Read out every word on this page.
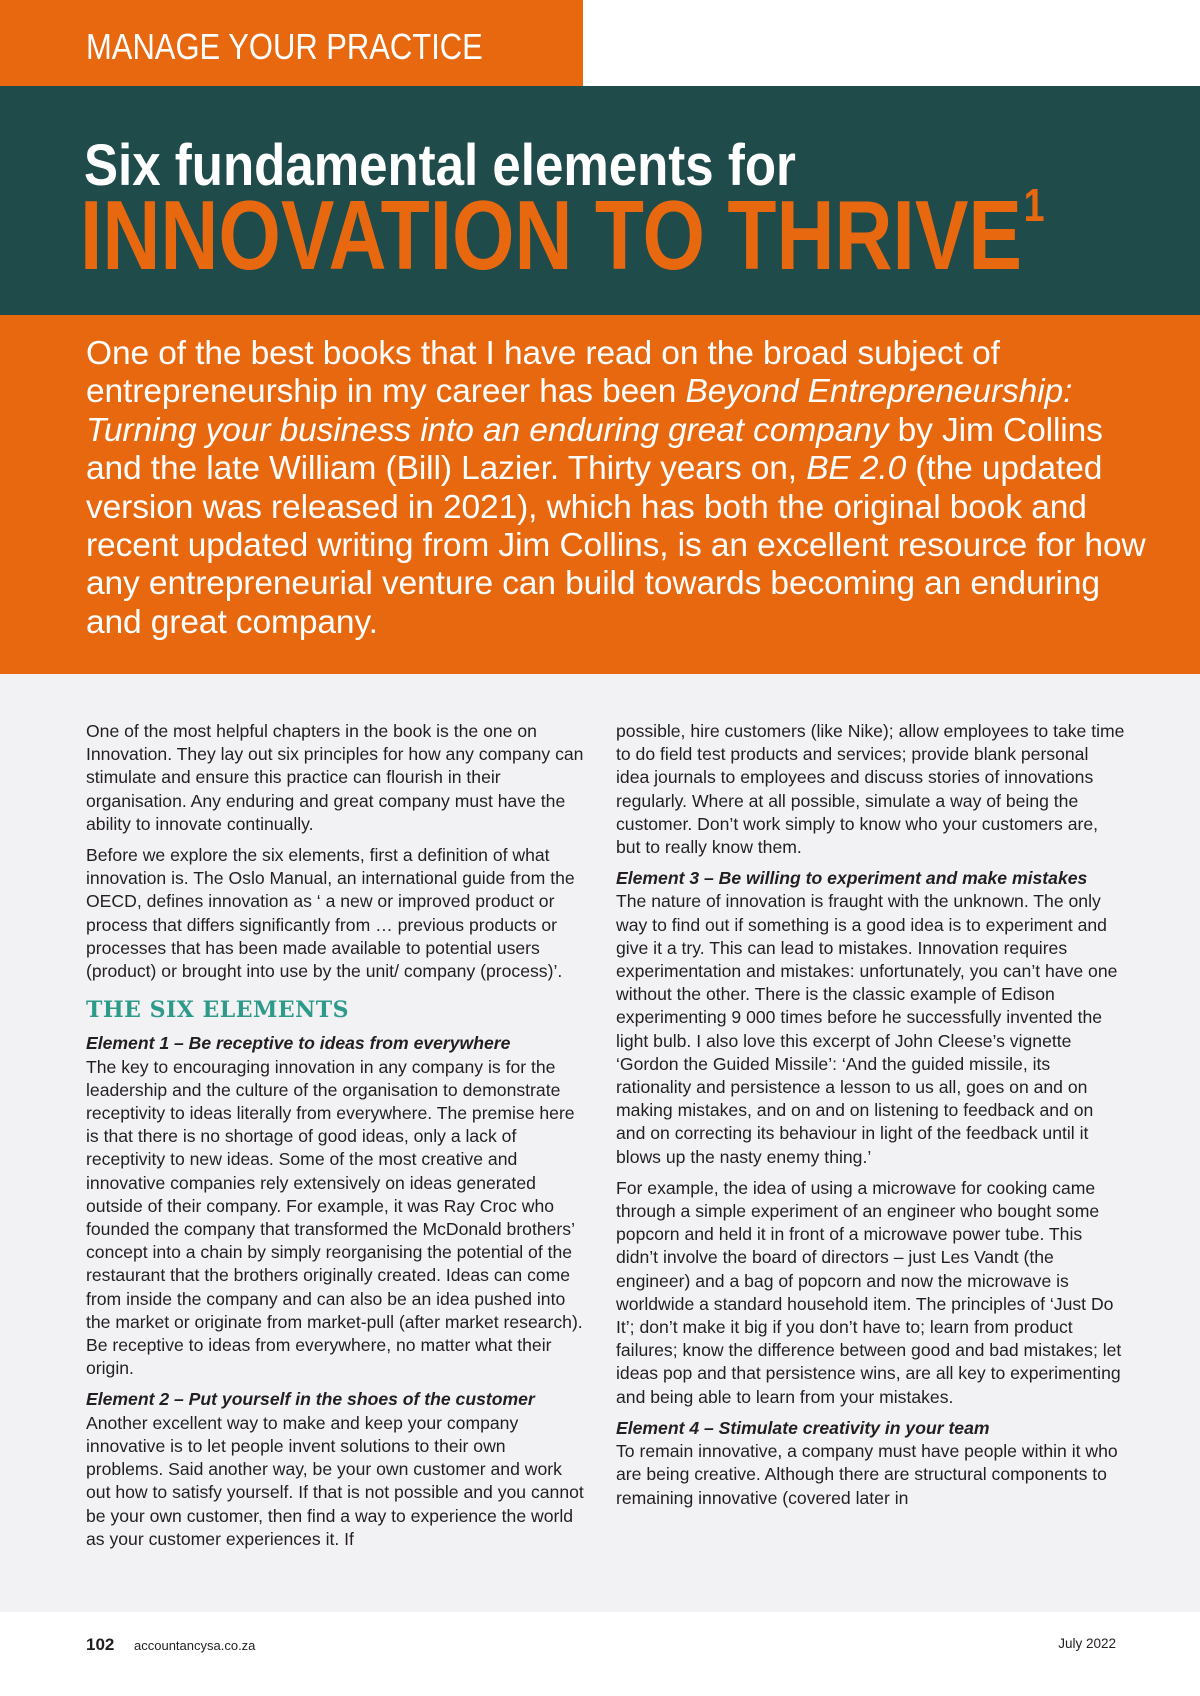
MANAGE YOUR PRACTICE
Six fundamental elements for
INNOVATION TO THRIVE$^1$
One of the best books that I have read on the broad subject of entrepreneurship in my career has been Beyond Entrepreneurship: Turning your business into an enduring great company by Jim Collins and the late William (Bill) Lazier. Thirty years on, BE 2.0 (the updated version was released in 2021), which has both the original book and recent updated writing from Jim Collins, is an excellent resource for how any entrepreneurial venture can build towards becoming an enduring and great company.

One of the most helpful chapters in the book is the one on Innovation. They lay out six principles for how any company can stimulate and ensure this practice can flourish in their organisation. Any enduring and great company must have the ability to innovate continually.

Before we explore the six elements, first a definition of what innovation is. The Oslo Manual, an international guide from the OECD, defines innovation as ‘ a new or improved product or process that differs significantly from … previous products or processes that has been made available to potential users (product) or brought into use by the unit/ company (process)’.

THE SIX ELEMENTS

Element 1 – Be receptive to ideas from everywhere
The key to encouraging innovation in any company is for the leadership and the culture of the organisation to demonstrate receptivity to ideas literally from everywhere. The premise here is that there is no shortage of good ideas, only a lack of receptivity to new ideas. Some of the most creative and innovative companies rely extensively on ideas generated outside of their company. For example, it was Ray Croc who founded the company that transformed the McDonald brothers’ concept into a chain by simply reorganising the potential of the restaurant that the brothers originally created. Ideas can come from inside the company and can also be an idea pushed into the market or originate from market-pull (after market research). Be receptive to ideas from everywhere, no matter what their origin.

Element 2 – Put yourself in the shoes of the customer
Another excellent way to make and keep your company innovative is to let people invent solutions to their own problems. Said another way, be your own customer and work out how to satisfy yourself. If that is not possible and you cannot be your own customer, then find a way to experience the world as your customer experiences it. If

possible, hire customers (like Nike); allow employees to take time to do field test products and services; provide blank personal idea journals to employees and discuss stories of innovations regularly. Where at all possible, simulate a way of being the customer. Don’t work simply to know who your customers are, but to really know them.

Element 3 – Be willing to experiment and make mistakes
The nature of innovation is fraught with the unknown. The only way to find out if something is a good idea is to experiment and give it a try. This can lead to mistakes. Innovation requires experimentation and mistakes: unfortunately, you can’t have one without the other. There is the classic example of Edison experimenting 9 000 times before he successfully invented the light bulb. I also love this excerpt of John Cleese’s vignette ‘Gordon the Guided Missile’: ‘And the guided missile, its rationality and persistence a lesson to us all, goes on and on making mistakes, and on and on listening to feedback and on and on correcting its behaviour in light of the feedback until it blows up the nasty enemy thing.’

For example, the idea of using a microwave for cooking came through a simple experiment of an engineer who bought some popcorn and held it in front of a microwave power tube. This didn’t involve the board of directors – just Les Vandt (the engineer) and a bag of popcorn and now the microwave is worldwide a standard household item. The principles of ‘Just Do It’; don’t make it big if you don’t have to; learn from product failures; know the difference between good and bad mistakes; let ideas pop and that persistence wins, are all key to experimenting and being able to learn from your mistakes.

Element 4 – Stimulate creativity in your team
To remain innovative, a company must have people within it who are being creative. Although there are structural components to remaining innovative (covered later in

102 accountancysa.co.za	July 2022
